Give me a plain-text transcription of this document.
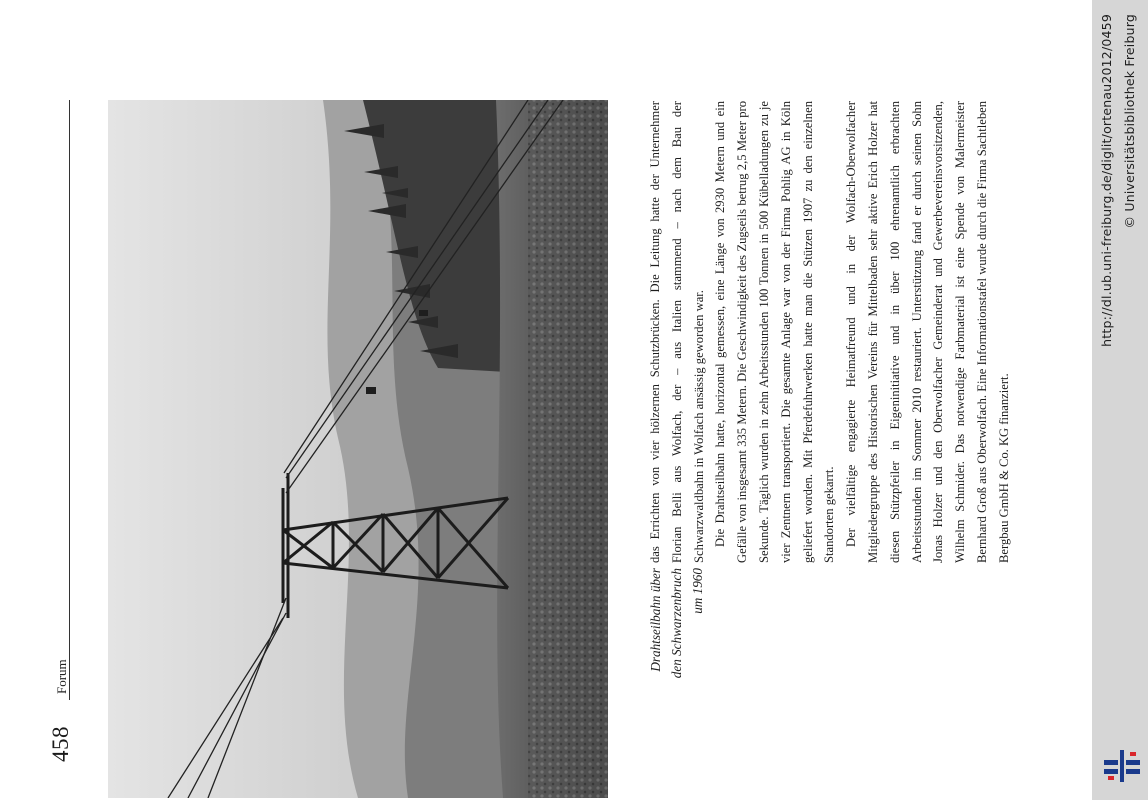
458
Forum
Drahtseilbahn über den Schwarzenbruch um 1960

das Errichten von vier hölzernen Schutzbrücken. Die Leitung hatte der Unternehmer Florian Belli aus Wolfach, der – aus Italien stammend – nach dem Bau der Schwarzwaldbahn in Wolfach ansässig geworden war. Die Drahtseilbahn hatte, horizontal gemessen, eine Länge von 2930 Metern und ein Gefälle von insgesamt 335 Metern. Die Geschwindigkeit des Zugseils betrug 2,5 Meter pro Sekunde. Täglich wurden in zehn Arbeitsstunden 100 Tonnen in 500 Kübelladungen zu je vier Zentnern transportiert. Die gesamte Anlage war von der Firma Pohlig AG in Köln geliefert worden. Mit Pferdefuhrwerken hatte man die Stützen 1907 zu den einzelnen Standorten gekarrt. Der vielfältige engagierte Heimatfreund und in der Wolfach-Oberwolfacher Mitgliedergruppe des Historischen Vereins für Mittelbaden sehr aktive Erich Holzer hat diesen Stützpfeiler in Eigeninitiative und in über 100 ehrenamtlich erbrachten Arbeitsstunden im Sommer 2010 restauriert. Unterstützung fand er durch seinen Sohn Jonas Holzer und den Oberwolfacher Gemeinderat und Gewerbevereinsvorsitzenden, Wilhelm Schmider. Das notwendige Farbmaterial ist eine Spende von Malermeister Bernhard Groß aus Oberwolfach. Eine Informationstafel wurde durch die Firma Sachtleben Bergbau GmbH & Co. KG finanziert.

http://dl.ub.uni-freiburg.de/diglit/ortenau2012/0459 © Universitätsbibliothek Freiburg
